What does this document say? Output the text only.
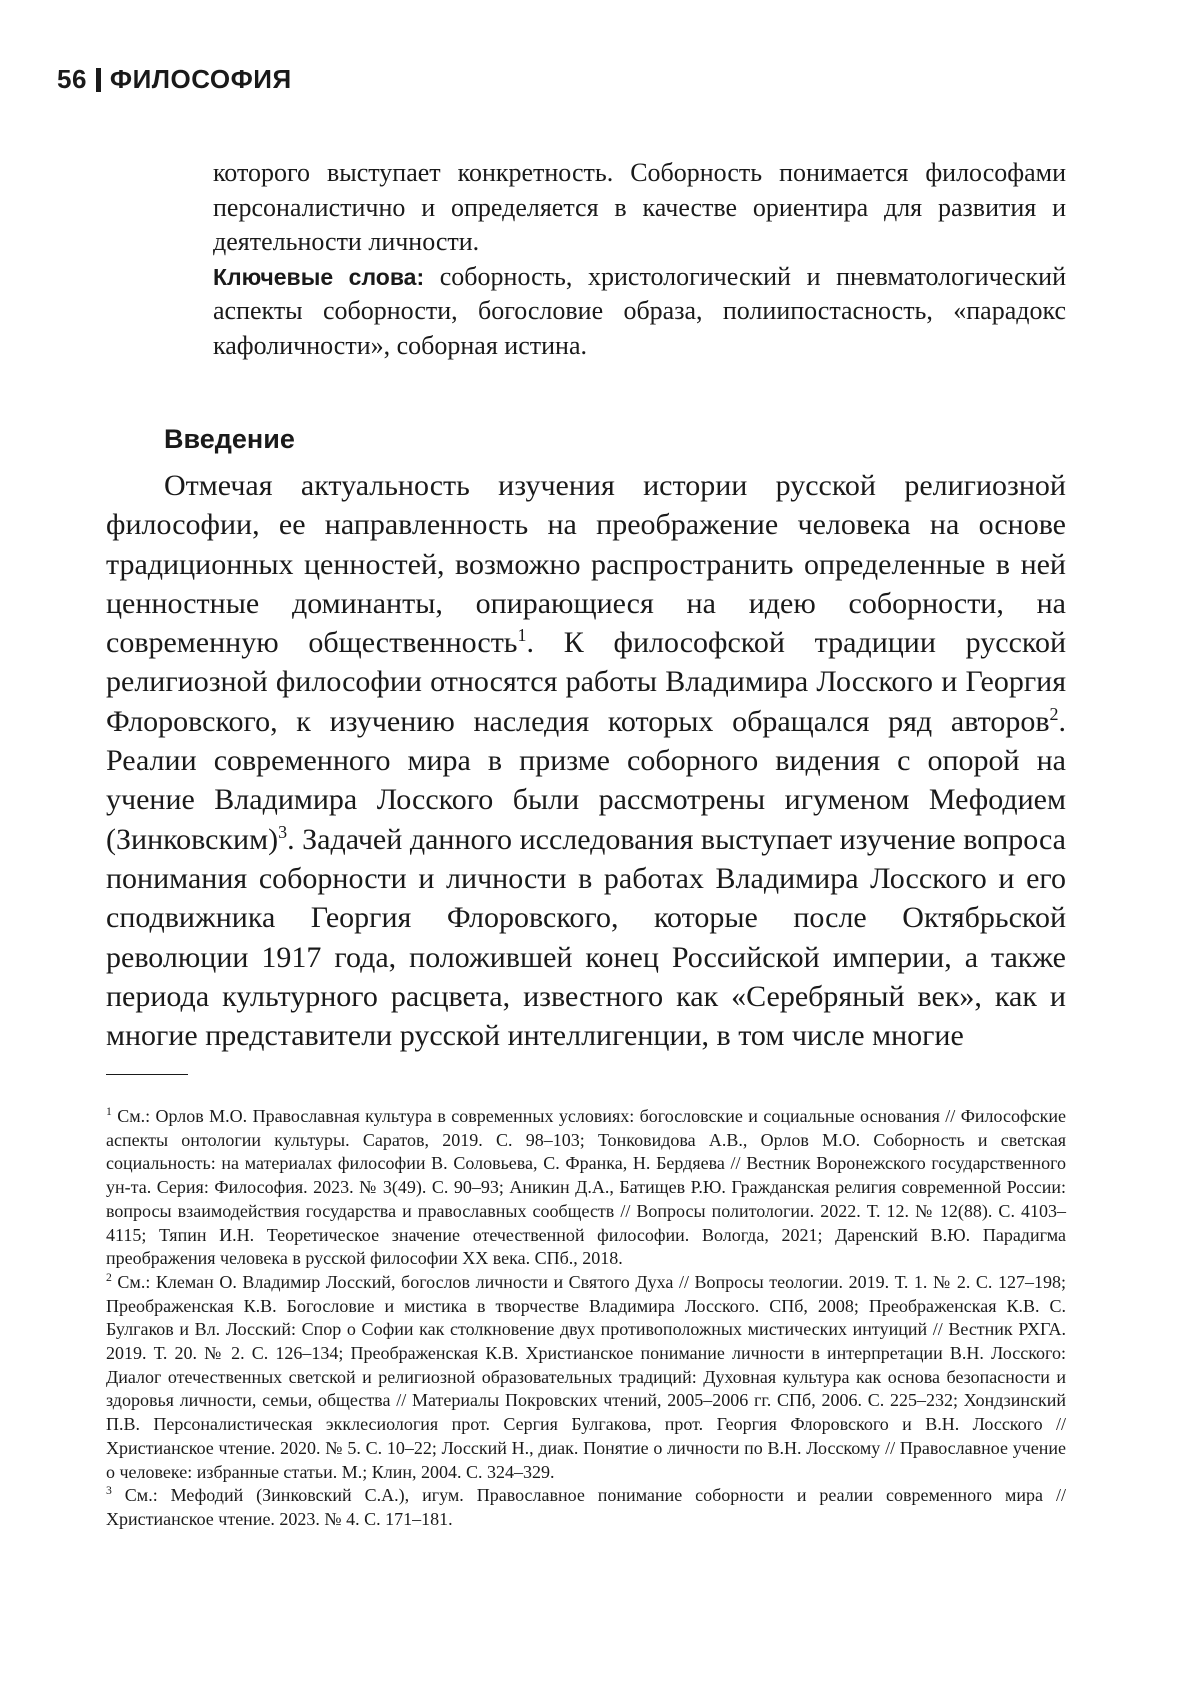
56 ФИЛОСОФИЯ

которого выступает конкретность. Соборность понимается философами персоналистично и определяется в качестве ориентира для развития и деятельности личности.

Ключевые слова: соборность, христологический и пневматологический аспекты соборности, богословие образа, полиипостасность, «парадокс кафоличности», соборная истина.

Введение

Отмечая актуальность изучения истории русской религиозной философии, ее направленность на преображение человека на основе традиционных ценностей, возможно распространить определенные в ней ценностные доминанты, опирающиеся на идею соборности, на современную общественность$^1$. К философской традиции русской религиозной философии относятся работы Владимира Лосского и Георгия Флоровского, к изучению наследия которых обращался ряд авторов$^2$. Реалии современного мира в призме соборного видения с опорой на учение Владимира Лосского были рассмотрены игуменом Мефодием (Зинковским)$^3$. Задачей данного исследования выступает изучение вопроса понимания соборности и личности в работах Владимира Лосского и его сподвижника Георгия Флоровского, которые после Октябрьской революции 1917 года, положившей конец Российской империи, а также периода культурного расцвета, известного как «Серебряный век», как и многие представители русской интеллигенции, в том числе многие

$^1$ См.: Орлов М.О. Православная культура в современных условиях: богословские и социальные основания // Философские аспекты онтологии культуры. Саратов, 2019. С. 98–103; Тонковидова А.В., Орлов М.О. Соборность и светская социальность: на материалах философии В. Соловьева, С. Франка, Н. Бердяева // Вестник Воронежского государственного ун-та. Серия: Философия. 2023. № 3(49). С. 90–93; Аникин Д.А., Батищев Р.Ю. Гражданская религия современной России: вопросы взаимодействия государства и православных сообществ // Вопросы политологии. 2022. Т. 12. № 12(88). С. 4103–4115; Тяпин И.Н. Теоретическое значение отечественной философии. Вологда, 2021; Даренский В.Ю. Парадигма преображения человека в русской философии XX века. СПб., 2018.

$^2$ См.: Клеман О. Владимир Лосский, богослов личности и Святого Духа // Вопросы теологии. 2019. Т. 1. № 2. С. 127–198; Преображенская К.В. Богословие и мистика в творчестве Владимира Лосского. СПб, 2008; Преображенская К.В. С. Булгаков и Вл. Лосский: Спор о Софии как столкновение двух противоположных мистических интуиций // Вестник РХГА. 2019. Т. 20. № 2. С. 126–134; Преображенская К.В. Христианское понимание личности в интерпретации В.Н. Лосского: Диалог отечественных светской и религиозной образовательных традиций: Духовная культура как основа безопасности и здоровья личности, семьи, общества // Материалы Покровских чтений, 2005–2006 гг. СПб, 2006. С. 225–232; Хондзинский П.В. Персоналистическая экклесиология прот. Сергия Булгакова, прот. Георгия Флоровского и В.Н. Лосского // Христианское чтение. 2020. № 5. С. 10–22; Лосский Н., диак. Понятие о личности по В.Н. Лосскому // Православное учение о человеке: избранные статьи. М.; Клин, 2004. С. 324–329.

$^3$ См.: Мефодий (Зинковский С.А.), игум. Православное понимание соборности и реалии современного мира // Христианское чтение. 2023. № 4. С. 171–181.
